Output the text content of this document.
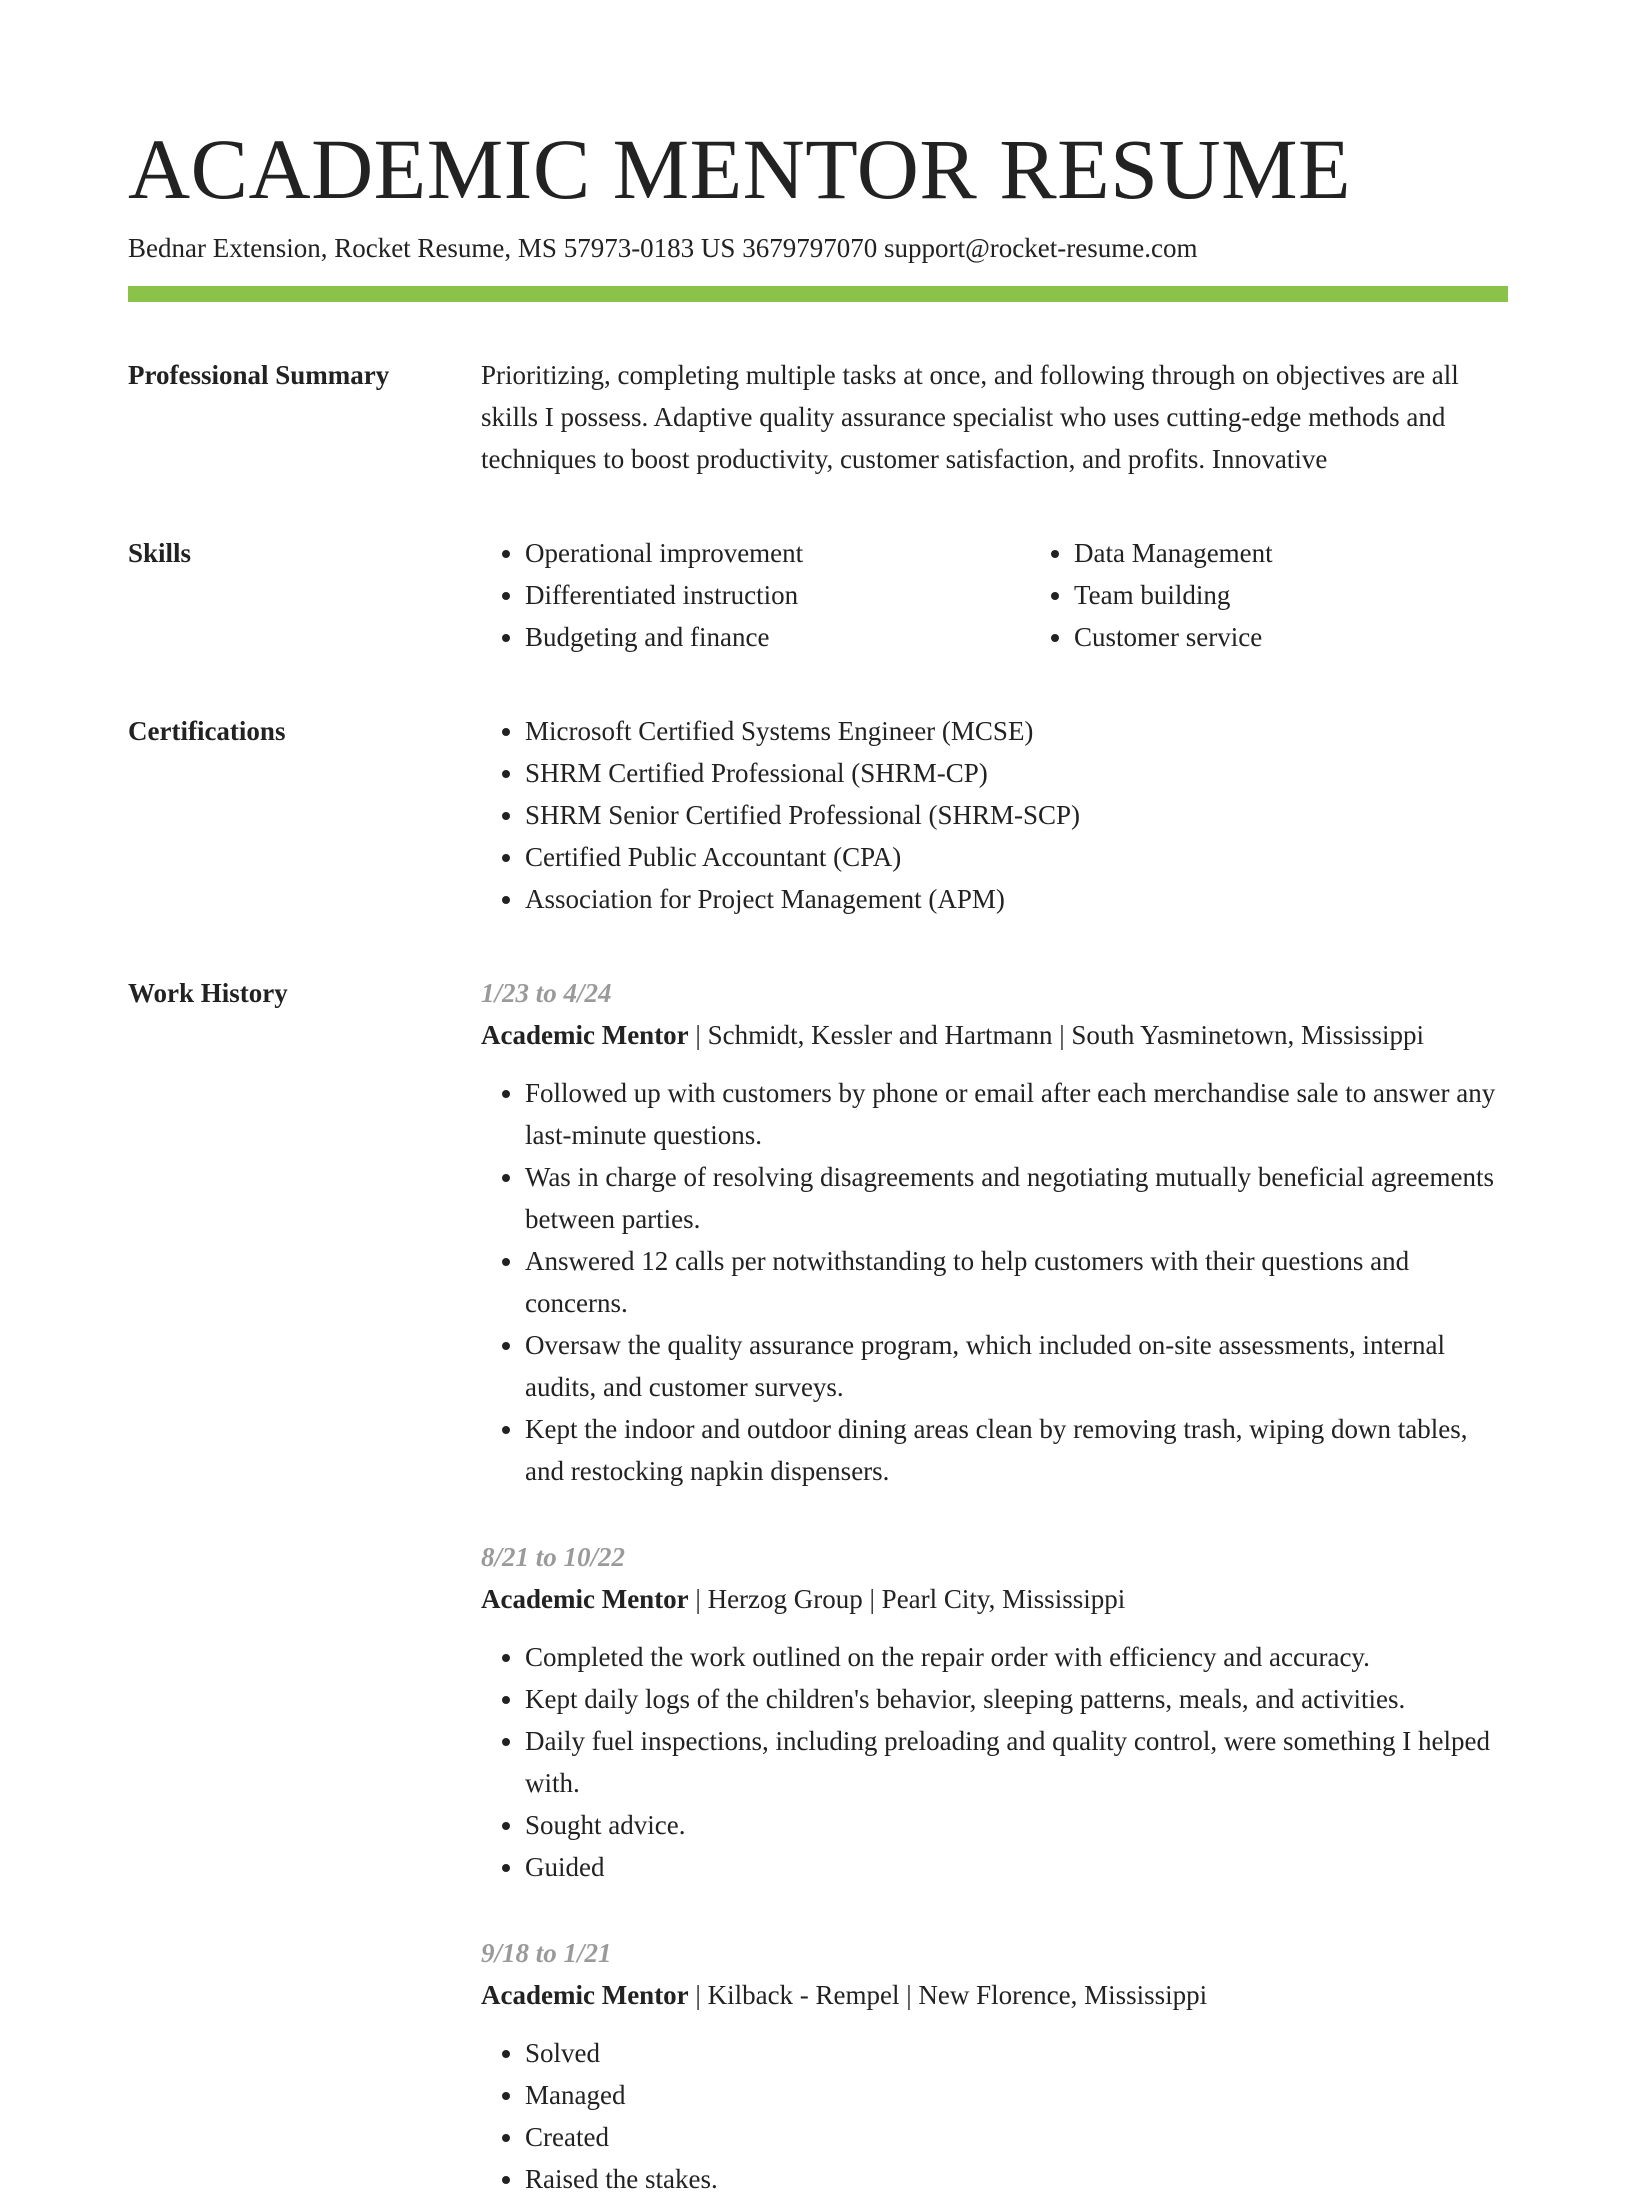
ACADEMIC MENTOR RESUME
Bednar Extension, Rocket Resume, MS 57973-0183 US 3679797070 support@rocket-resume.com
Professional Summary	Prioritizing, completing multiple tasks at once, and following through on objectives are all skills I possess. Adaptive quality assurance specialist who uses cutting-edge methods and techniques to boost productivity, customer satisfaction, and profits. Innovative

Skills	• Operational improvement
• Differentiated instruction
• Budgeting and finance
• Data Management
• Team building
• Customer service
Certifications	• Microsoft Certified Systems Engineer (MCSE)
• SHRM Certified Professional (SHRM-CP)
• SHRM Senior Certified Professional (SHRM-SCP)
• Certified Public Accountant (CPA)
• Association for Project Management (APM)
Work History	1/23 to 4/24
Academic Mentor | Schmidt, Kessler and Hartmann | South Yasminetown, Mississippi
• Followed up with customers by phone or email after each merchandise sale to answer any last-minute questions.
• Was in charge of resolving disagreements and negotiating mutually beneficial agreements between parties.
• Answered 12 calls per notwithstanding to help customers with their questions and concerns.
• Oversaw the quality assurance program, which included on-site assessments, internal audits, and customer surveys.
• Kept the indoor and outdoor dining areas clean by removing trash, wiping down tables, and restocking napkin dispensers.
8/21 to 10/22
Academic Mentor | Herzog Group | Pearl City, Mississippi
• Completed the work outlined on the repair order with efficiency and accuracy.
• Kept daily logs of the children's behavior, sleeping patterns, meals, and activities.
• Daily fuel inspections, including preloading and quality control, were something I helped with.
• Sought advice.
• Guided
9/18 to 1/21
Academic Mentor | Kilback - Rempel | New Florence, Mississippi
• Solved
• Managed
• Created
• Raised the stakes.
